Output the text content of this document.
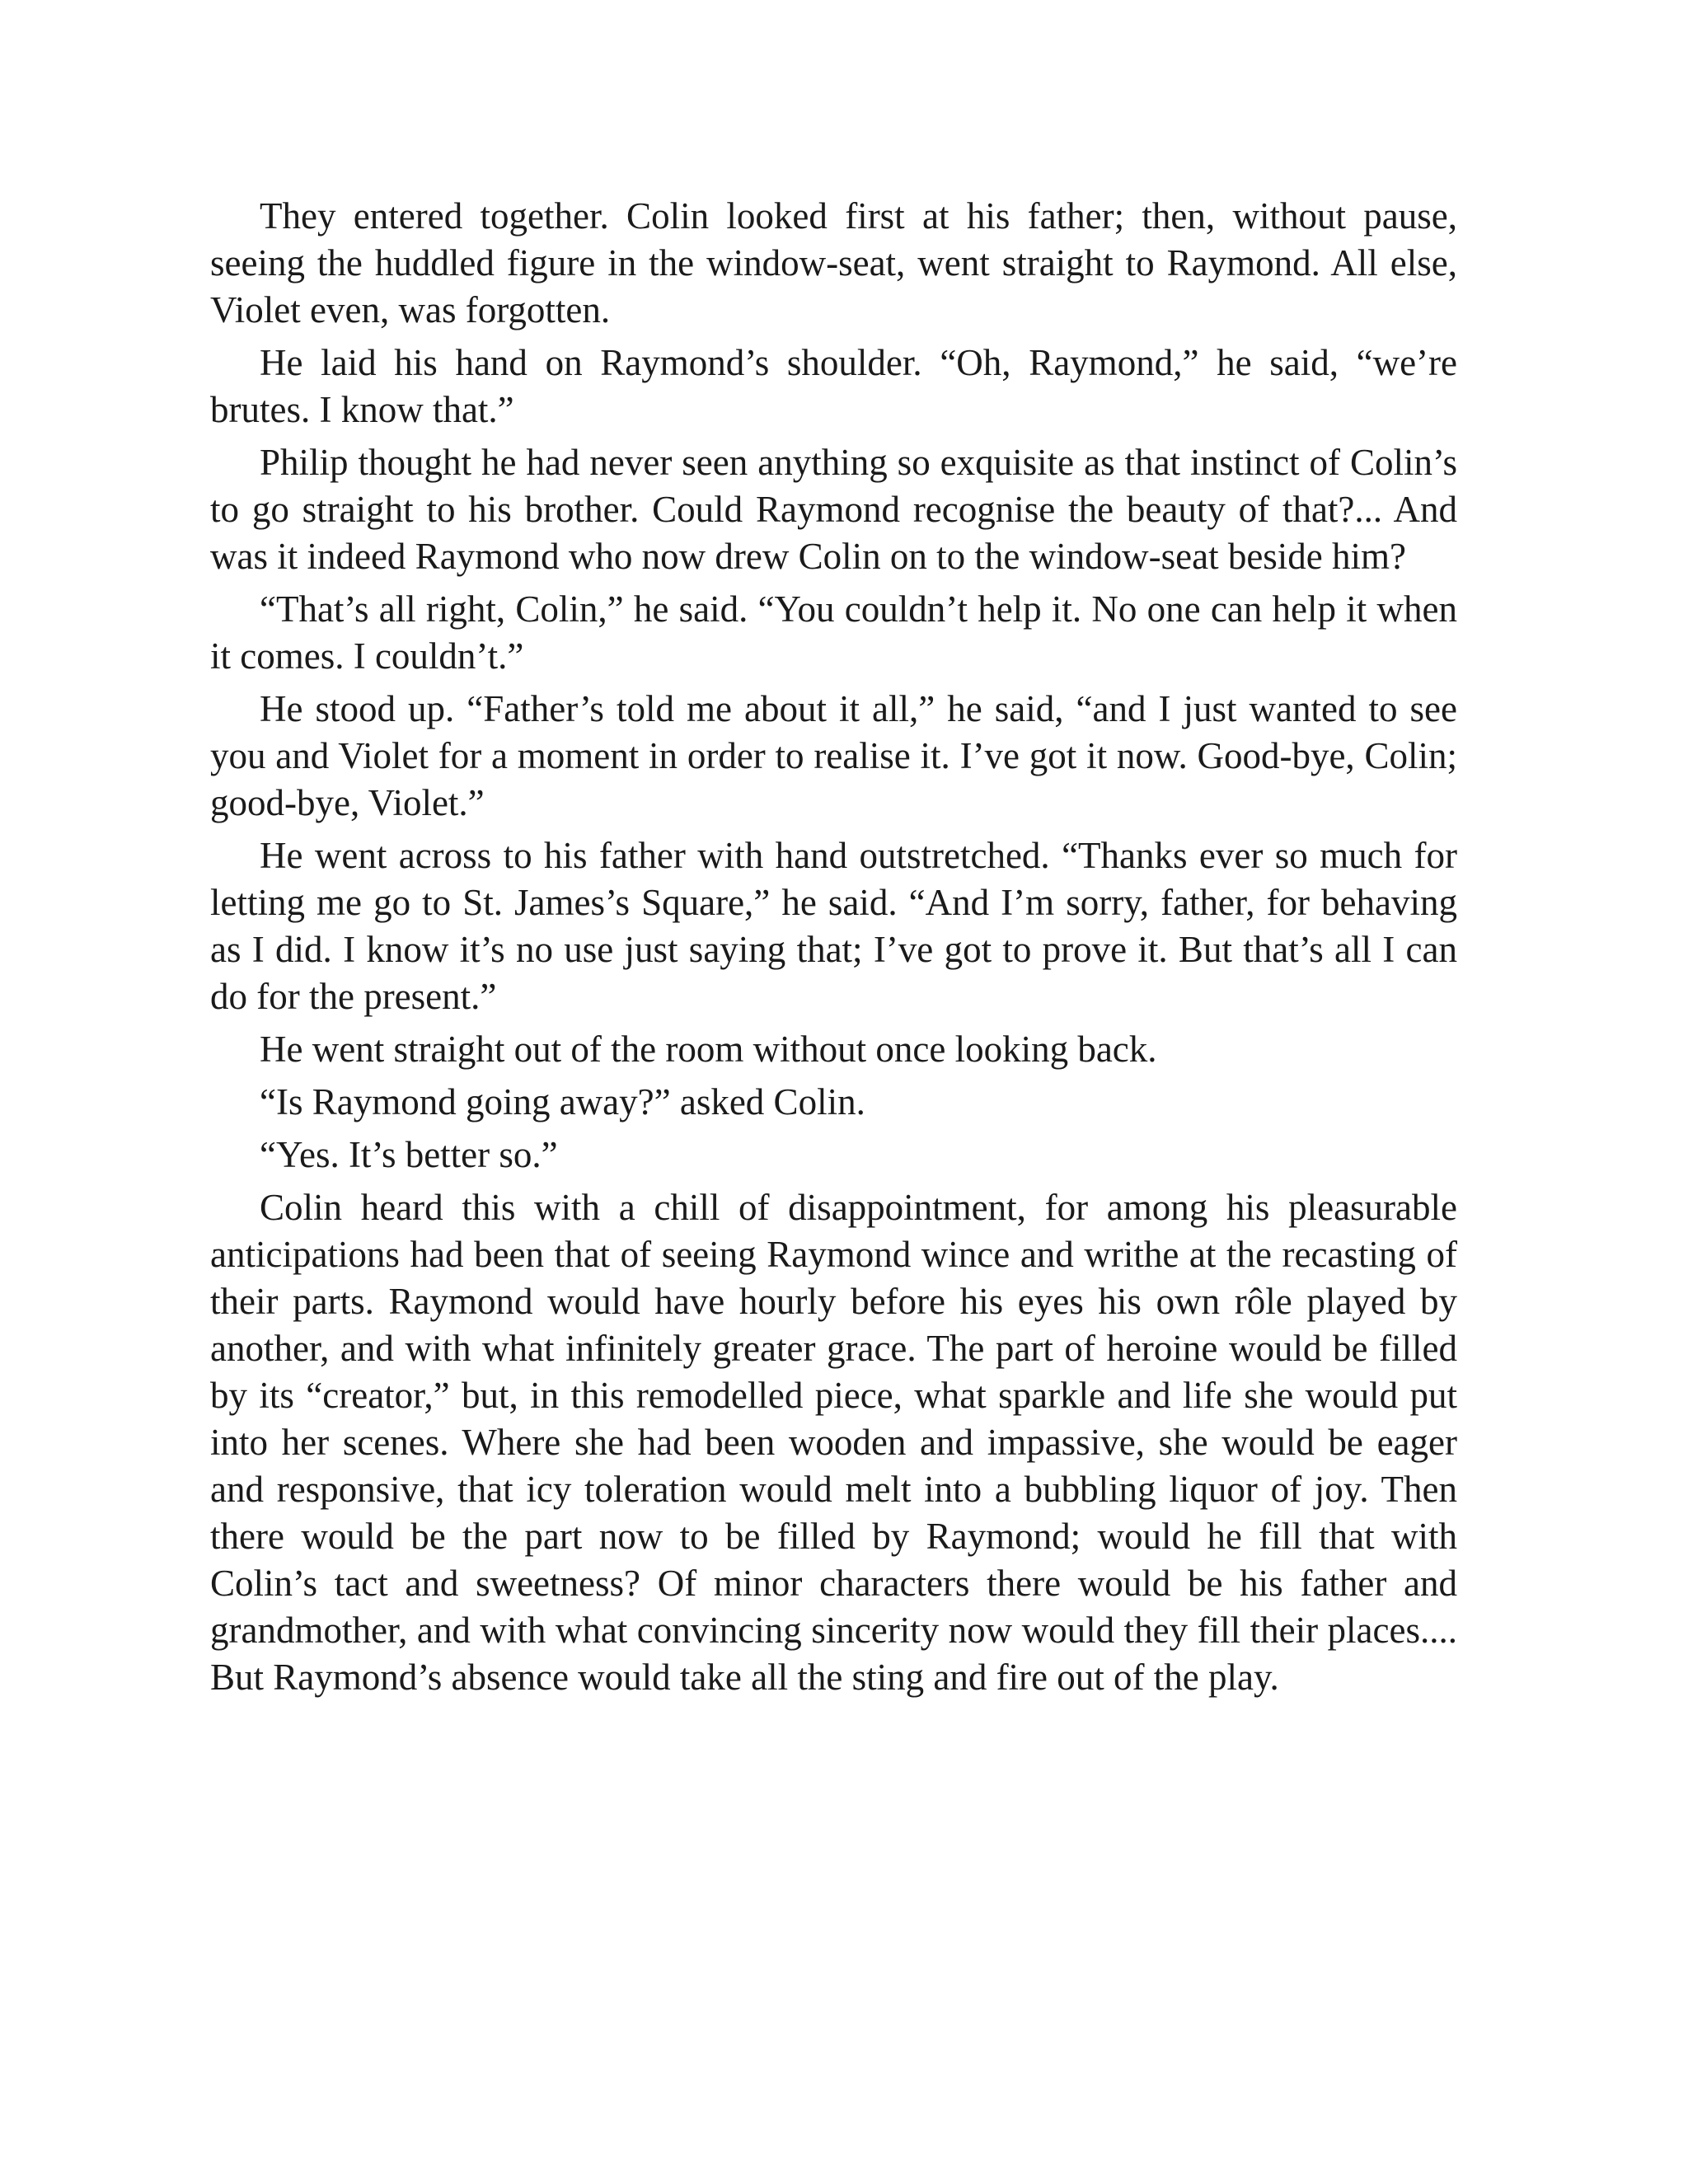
They entered together. Colin looked first at his father; then, without pause, seeing the huddled figure in the window-seat, went straight to Raymond. All else, Violet even, was forgotten.

He laid his hand on Raymond’s shoulder. “Oh, Raymond,” he said, “we’re brutes. I know that.”

Philip thought he had never seen anything so exquisite as that instinct of Colin’s to go straight to his brother. Could Raymond recognise the beauty of that?... And was it indeed Raymond who now drew Colin on to the window-seat beside him?

“That’s all right, Colin,” he said. “You couldn’t help it. No one can help it when it comes. I couldn’t.”

He stood up. “Father’s told me about it all,” he said, “and I just wanted to see you and Violet for a moment in order to realise it. I’ve got it now. Good-bye, Colin; good-bye, Violet.”

He went across to his father with hand outstretched. “Thanks ever so much for letting me go to St. James’s Square,” he said. “And I’m sorry, father, for behaving as I did. I know it’s no use just saying that; I’ve got to prove it. But that’s all I can do for the present.”

He went straight out of the room without once looking back.

“Is Raymond going away?” asked Colin.

“Yes. It’s better so.”

Colin heard this with a chill of disappointment, for among his pleasurable anticipations had been that of seeing Raymond wince and writhe at the recasting of their parts. Raymond would have hourly before his eyes his own rôle played by another, and with what infinitely greater grace. The part of heroine would be filled by its “creator,” but, in this remodelled piece, what sparkle and life she would put into her scenes. Where she had been wooden and impassive, she would be eager and responsive, that icy toleration would melt into a bubbling liquor of joy. Then there would be the part now to be filled by Raymond; would he fill that with Colin’s tact and sweetness? Of minor characters there would be his father and grandmother, and with what convincing sincerity now would they fill their places.... But Raymond’s absence would take all the sting and fire out of the play.
